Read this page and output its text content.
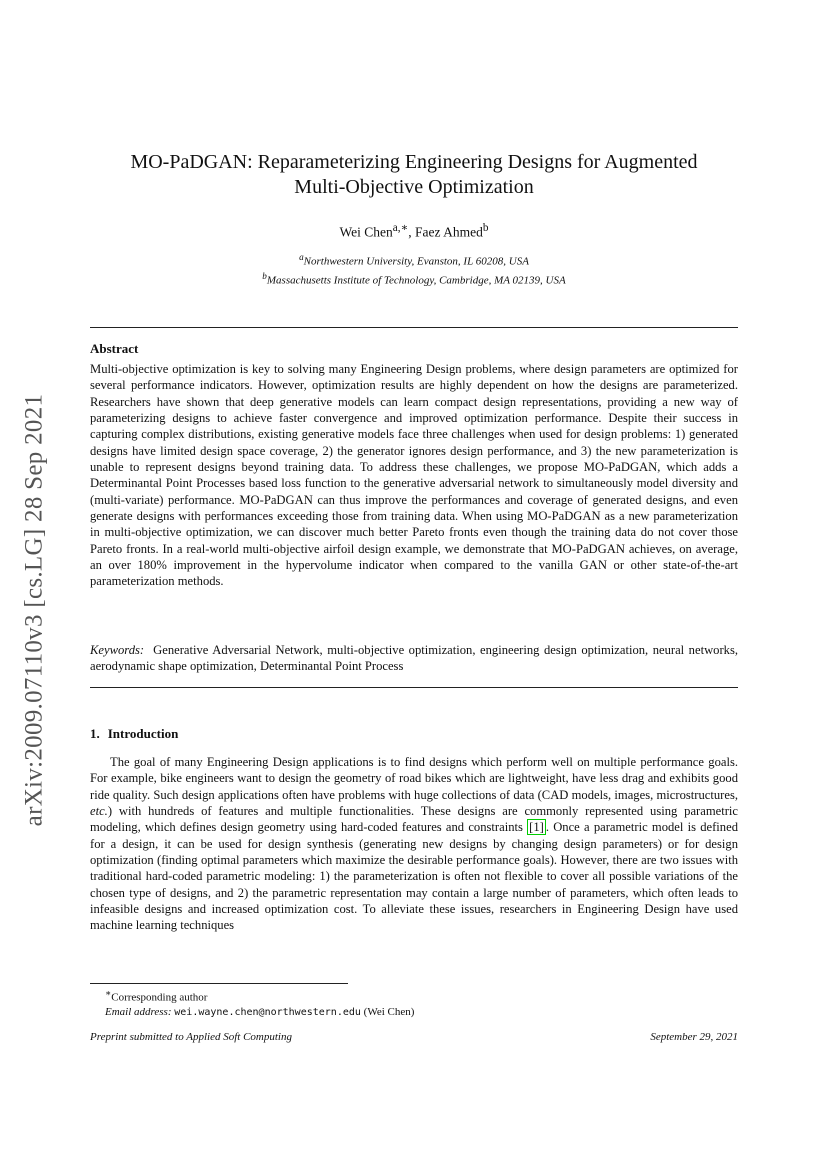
arXiv:2009.07110v3 [cs.LG] 28 Sep 2021
MO-PaDGAN: Reparameterizing Engineering Designs for Augmented
Multi-Objective Optimization

Wei Chen$^{a,∗}$, Faez Ahmed$^b$

$^a$Northwestern University, Evanston, IL 60208, USA
$^b$Massachusetts Institute of Technology, Cambridge, MA 02139, USA
Abstract

Multi-objective optimization is key to solving many Engineering Design problems, where design parameters are optimized for several performance indicators. However, optimization results are highly dependent on how the designs are parameterized. Researchers have shown that deep generative models can learn compact design representations, providing a new way of parameterizing designs to achieve faster convergence and improved optimization performance. Despite their success in capturing complex distributions, existing generative models face three challenges when used for design problems: 1) generated designs have limited design space coverage, 2) the generator ignores design performance, and 3) the new parameterization is unable to represent designs beyond training data. To address these challenges, we propose MO-PaDGAN, which adds a Determinantal Point Processes based loss function to the generative adversarial network to simultaneously model diversity and (multi-variate) performance. MO-PaDGAN can thus improve the performances and coverage of generated designs, and even generate designs with performances exceeding those from training data. When using MO-PaDGAN as a new parameterization in multi-objective optimization, we can discover much better Pareto fronts even though the training data do not cover those Pareto fronts. In a real-world multi-objective airfoil design example, we demonstrate that MO-PaDGAN achieves, on average, an over 180% improvement in the hypervolume indicator when compared to the vanilla GAN or other state-of-the-art parameterization methods.

Keywords: Generative Adversarial Network, multi-objective optimization, engineering design optimization, neural networks, aerodynamic shape optimization, Determinantal Point Process

1. Introduction

The goal of many Engineering Design applications is to find designs which perform well on multiple performance goals. For example, bike engineers want to design the geometry of road bikes which are lightweight, have less drag and exhibits good ride quality. Such design applications often have problems with huge collections of data (CAD models, images, microstructures, etc.) with hundreds of features and multiple functionalities. These designs are commonly represented using parametric modeling, which defines design geometry using hard-coded features and constraints [1] . Once a parametric model is defined for a design, it can be used for design synthesis (generating new designs by changing design parameters) or for design optimization (finding optimal parameters which maximize the desirable performance goals). However, there are two issues with traditional hard-coded parametric modeling: 1) the parameterization is often not flexible to cover all possible variations of the chosen type of designs, and 2) the parametric representation may contain a large number of parameters, which often leads to infeasible designs and increased optimization cost. To alleviate these issues, researchers in Engineering Design have used machine learning techniques

∗Corresponding author
Email address: wei.wayne.chen@northwestern.edu (Wei Chen)
Preprint submitted to Applied Soft Computing	September 29, 2021
